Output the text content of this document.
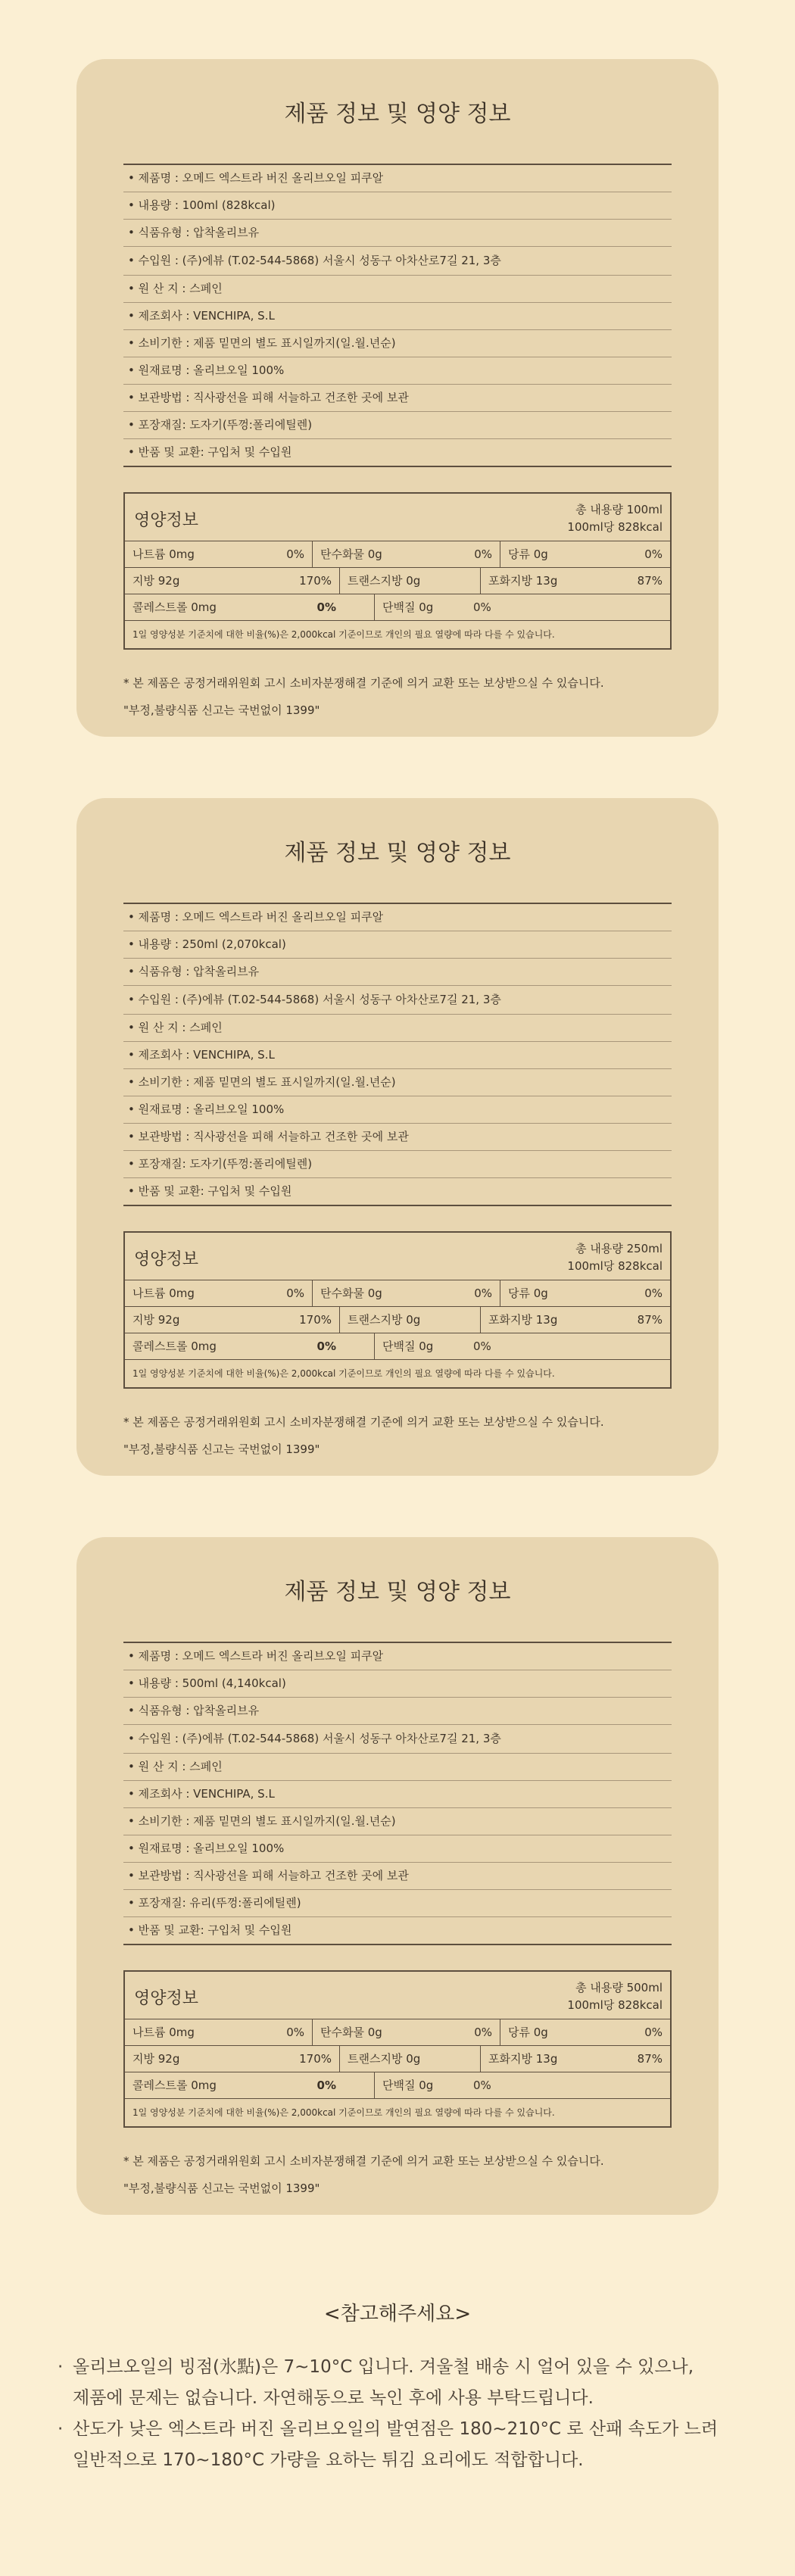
제품 정보 및 영양 정보
• 제품명 : 오메드 엑스트라 버진 올리브오일 피쿠알
• 내용량 : 100ml (828kcal)
• 식품유형 : 압착올리브유
• 수입원 : (주)에뷰 (T.02-544-5868) 서울시 성동구 아차산로7길 21, 3층
• 원 산 지 : 스페인
• 제조회사 : VENCHIPA, S.L
• 소비기한 : 제품 밑면의 별도 표시일까지(일.월.년순)
• 원재료명 : 올리브오일 100%
• 보관방법 : 직사광선을 피해 서늘하고 건조한 곳에 보관
• 포장재질: 도자기(뚜껑:폴리에틸렌)
• 반품 및 교환: 구입처 및 수입원
영양정보
총 내용량 100ml
100ml당 828kcal
나트륨 0mg	0%	탄수화물 0g	0%	당류 0g	0%
지방 92g	170%	트랜스지방 0g	포화지방 13g	87%
콜레스트롤 0mg	0%	단백질 0g	0%
1일 영양성분 기준치에 대한 비율(%)은 2,000kcal 기준이므로 개인의 필요 열량에 따라 다를 수 있습니다.
* 본 제품은 공정거래위원회 고시 소비자분쟁해결 기준에 의거 교환 또는 보상받으실 수 있습니다.
"부정,불량식품 신고는 국번없이 1399"
제품 정보 및 영양 정보
• 제품명 : 오메드 엑스트라 버진 올리브오일 피쿠알
• 내용량 : 250ml (2,070kcal)
• 식품유형 : 압착올리브유
• 수입원 : (주)에뷰 (T.02-544-5868) 서울시 성동구 아차산로7길 21, 3층
• 원 산 지 : 스페인
• 제조회사 : VENCHIPA, S.L
• 소비기한 : 제품 밑면의 별도 표시일까지(일.월.년순)
• 원재료명 : 올리브오일 100%
• 보관방법 : 직사광선을 피해 서늘하고 건조한 곳에 보관
• 포장재질: 도자기(뚜껑:폴리에틸렌)
• 반품 및 교환: 구입처 및 수입원
영양정보
총 내용량 250ml
100ml당 828kcal
나트륨 0mg	0%	탄수화물 0g	0%	당류 0g	0%
지방 92g	170%	트랜스지방 0g	포화지방 13g	87%
콜레스트롤 0mg	0%	단백질 0g	0%
1일 영양성분 기준치에 대한 비율(%)은 2,000kcal 기준이므로 개인의 필요 열량에 따라 다를 수 있습니다.
* 본 제품은 공정거래위원회 고시 소비자분쟁해결 기준에 의거 교환 또는 보상받으실 수 있습니다.
"부정,불량식품 신고는 국번없이 1399"
제품 정보 및 영양 정보
• 제품명 : 오메드 엑스트라 버진 올리브오일 피쿠알
• 내용량 : 500ml (4,140kcal)
• 식품유형 : 압착올리브유
• 수입원 : (주)에뷰 (T.02-544-5868) 서울시 성동구 아차산로7길 21, 3층
• 원 산 지 : 스페인
• 제조회사 : VENCHIPA, S.L
• 소비기한 : 제품 밑면의 별도 표시일까지(일.월.년순)
• 원재료명 : 올리브오일 100%
• 보관방법 : 직사광선을 피해 서늘하고 건조한 곳에 보관
• 포장재질: 유리(뚜껑:폴리에틸렌)
• 반품 및 교환: 구입처 및 수입원
영양정보
총 내용량 500ml
100ml당 828kcal
나트륨 0mg	0%	탄수화물 0g	0%	당류 0g	0%
지방 92g	170%	트랜스지방 0g	포화지방 13g	87%
콜레스트롤 0mg	0%	단백질 0g	0%
1일 영양성분 기준치에 대한 비율(%)은 2,000kcal 기준이므로 개인의 필요 열량에 따라 다를 수 있습니다.
* 본 제품은 공정거래위원회 고시 소비자분쟁해결 기준에 의거 교환 또는 보상받으실 수 있습니다.
"부정,불량식품 신고는 국번없이 1399"
<참고해주세요>
· 올리브오일의 빙점(氷點)은 7~10°C 입니다. 겨울철 배송 시 얼어 있을 수 있으나,
제품에 문제는 없습니다. 자연해동으로 녹인 후에 사용 부탁드립니다.
· 산도가 낮은 엑스트라 버진 올리브오일의 발연점은 180~210°C 로 산패 속도가 느려
일반적으로 170~180°C 가량을 요하는 튀김 요리에도 적합합니다.
